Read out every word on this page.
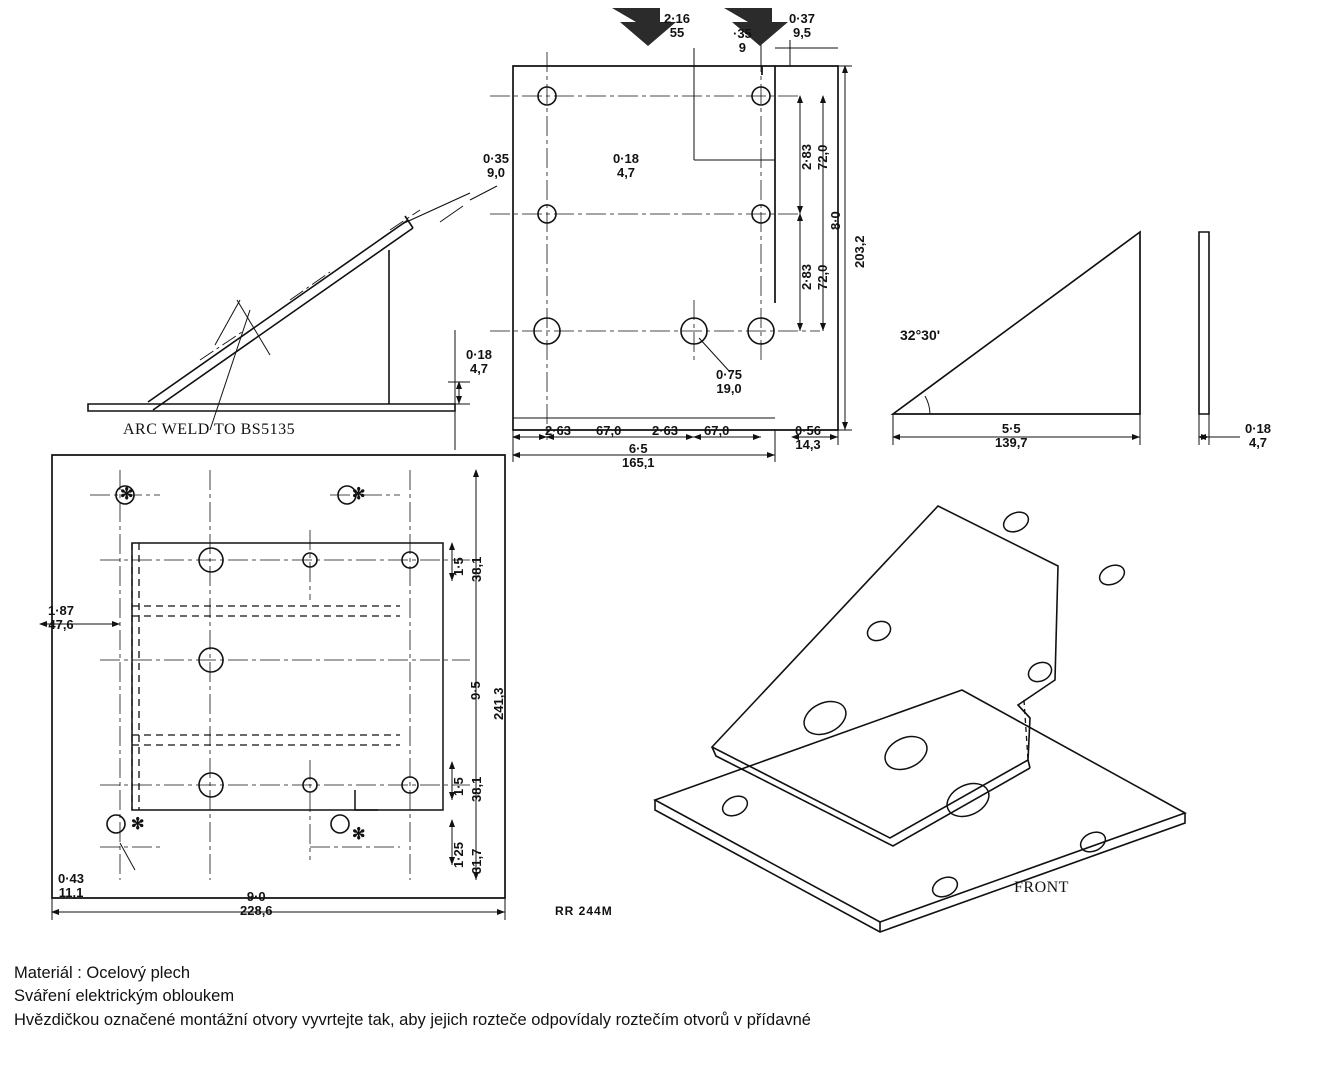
2·16
55	·35
9
0·37
9,5
0·18
4,7
0·35
9,0
0·18
4,7
2·83 72,0
2·83 72,0
8·0
203,2
0·75
19,0
2·63 67,0 2·63 67,0
6·5
165,1
0·56
14,3
32°30'
5·5
139,7
0·18
4,7
1·5 38,1
1·5 38,1
1·25 31,7
9·5 241,3
1·87
47,6
0·43
11,1	9·0
228,6
✻	✻
✻
✻
ARC WELD TO BS5135
RR 244M
FRONT
Materiál : Ocelový plech
Sváření elektrickým obloukem
Hvězdičkou označené montážní otvory vyvrtejte tak, aby jejich rozteče odpovídaly roztečím otvorů v přídavné
